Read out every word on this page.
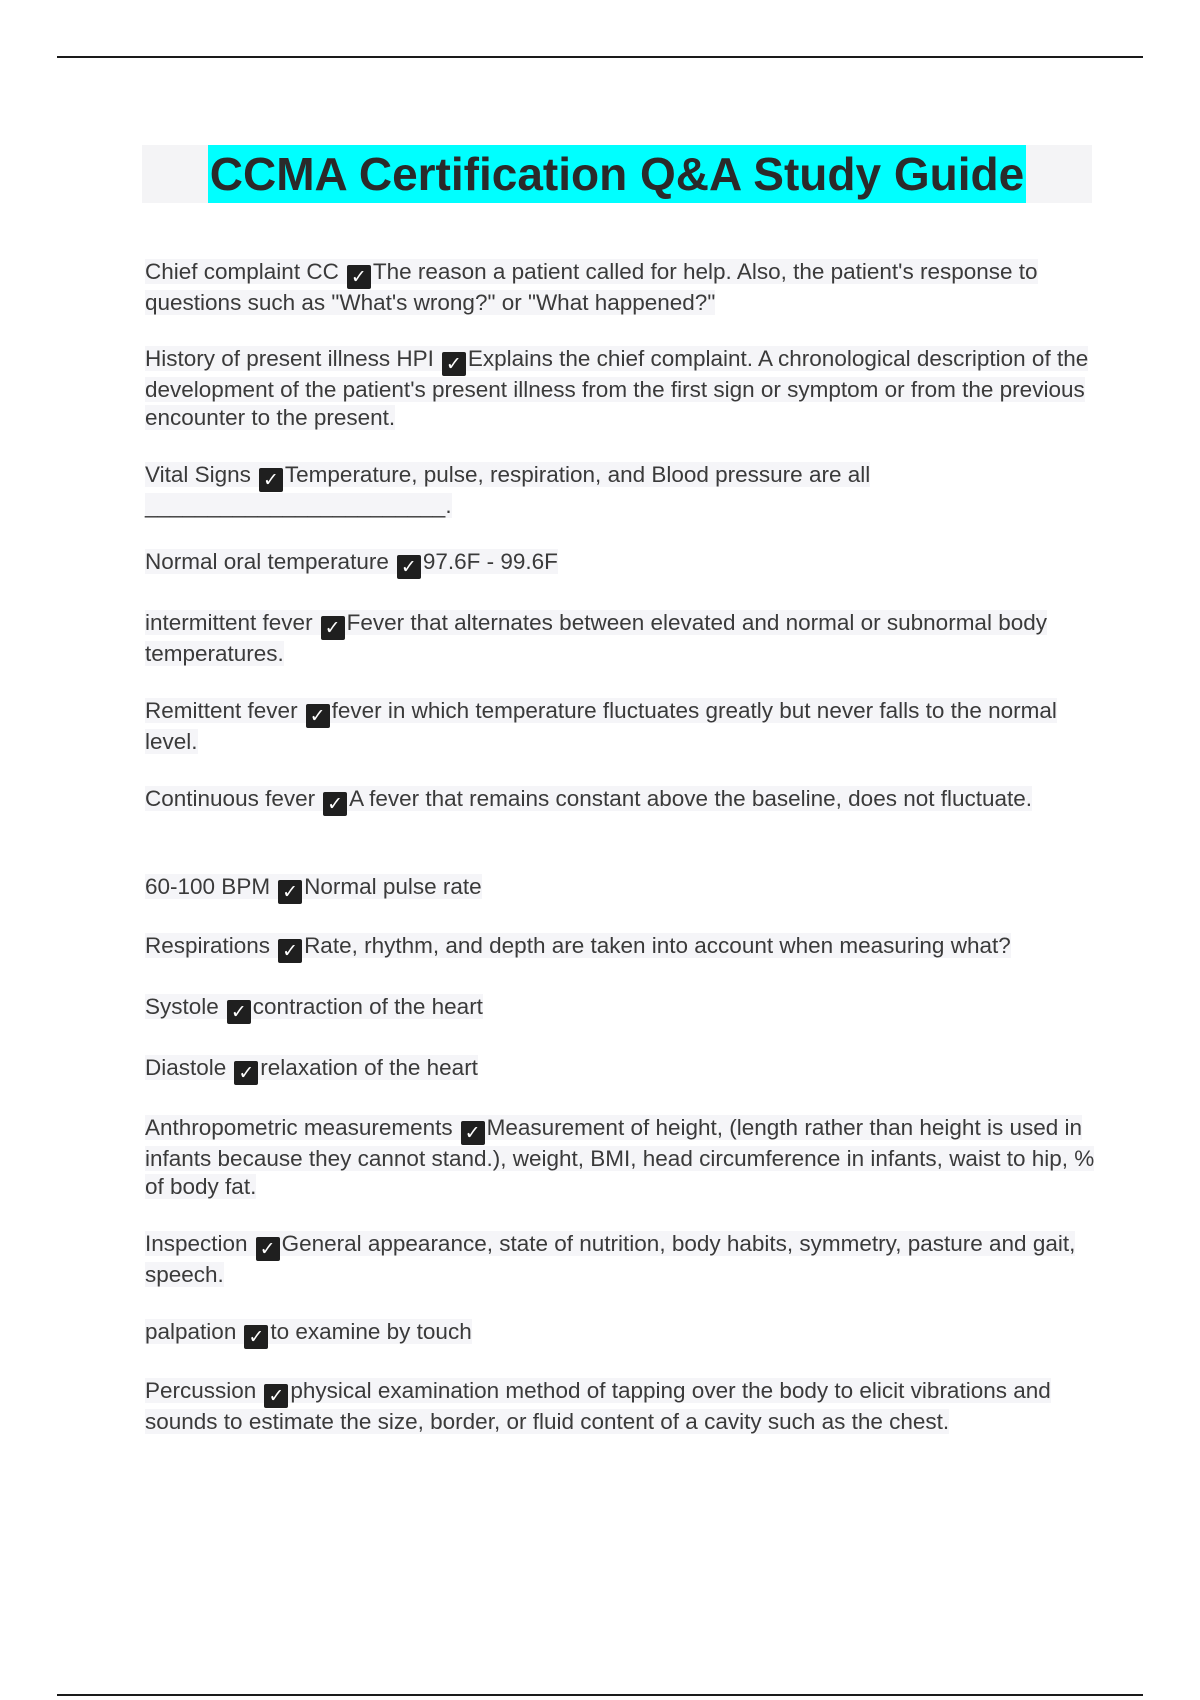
CCMA Certification Q&A Study Guide
Chief complaint CC ✓ The reason a patient called for help. Also, the patient's response to questions such as "What's wrong?" or "What happened?"
History of present illness HPI ✓ Explains the chief complaint. A chronological description of the development of the patient's present illness from the first sign or symptom or from the previous encounter to the present.
Vital Signs ✓ Temperature, pulse, respiration, and Blood pressure are all ________________________.
Normal oral temperature ✓ 97.6F - 99.6F
intermittent fever ✓ Fever that alternates between elevated and normal or subnormal body temperatures.
Remittent fever ✓ fever in which temperature fluctuates greatly but never falls to the normal level.
Continuous fever ✓ A fever that remains constant above the baseline, does not fluctuate.
60-100 BPM ✓ Normal pulse rate
Respirations ✓ Rate, rhythm, and depth are taken into account when measuring what?
Systole ✓ contraction of the heart
Diastole ✓ relaxation of the heart
Anthropometric measurements ✓ Measurement of height, (length rather than height is used in infants because they cannot stand.), weight, BMI, head circumference in infants, waist to hip, % of body fat.
Inspection ✓ General appearance, state of nutrition, body habits, symmetry, pasture and gait, speech.
palpation ✓ to examine by touch
Percussion ✓ physical examination method of tapping over the body to elicit vibrations and sounds to estimate the size, border, or fluid content of a cavity such as the chest.
